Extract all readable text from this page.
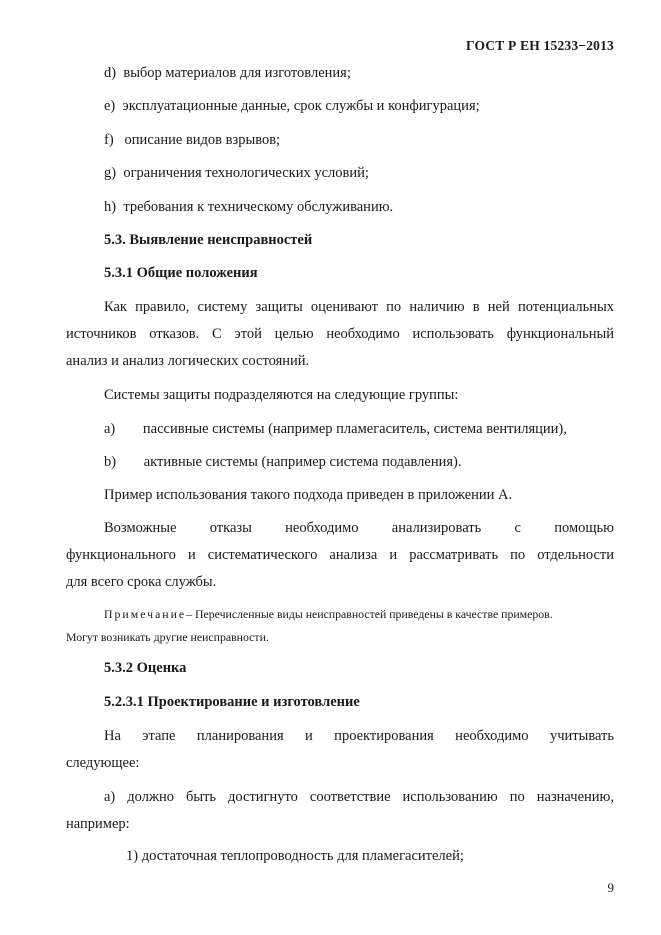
ГОСТ Р ЕН 15233−2013
d) выбор материалов для изготовления;
e) эксплуатационные данные, срок службы и конфигурация;
f) описание видов взрывов;
g) ограничения технологических условий;
h) требования к техническому обслуживанию.
5.3. Выявление неисправностей
5.3.1 Общие положения
Как правило, систему защиты оценивают по наличию в ней потенциальных
источников отказов. С этой целью необходимо использовать функциональный
анализ и анализ логических состояний.
Системы защиты подразделяются на следующие группы:
a) пассивные системы (например пламегаситель, система вентиляции),
b) активные системы (например система подавления).
Пример использования такого подхода приведен в приложении А.
Возможные отказы необходимо анализировать с помощью
функционального и систематического анализа и рассматривать по отдельности
для всего срока службы.
Примечание– Перечисленные виды неисправностей приведены в качестве примеров.
Могут возникать другие неисправности.
5.3.2 Оценка
5.2.3.1 Проектирование и изготовление
На этапе планирования и проектирования необходимо учитывать
следующее:
а) должно быть достигнуто соответствие использованию по назначению,
например:
1) достаточная теплопроводность для пламегасителей;
9
